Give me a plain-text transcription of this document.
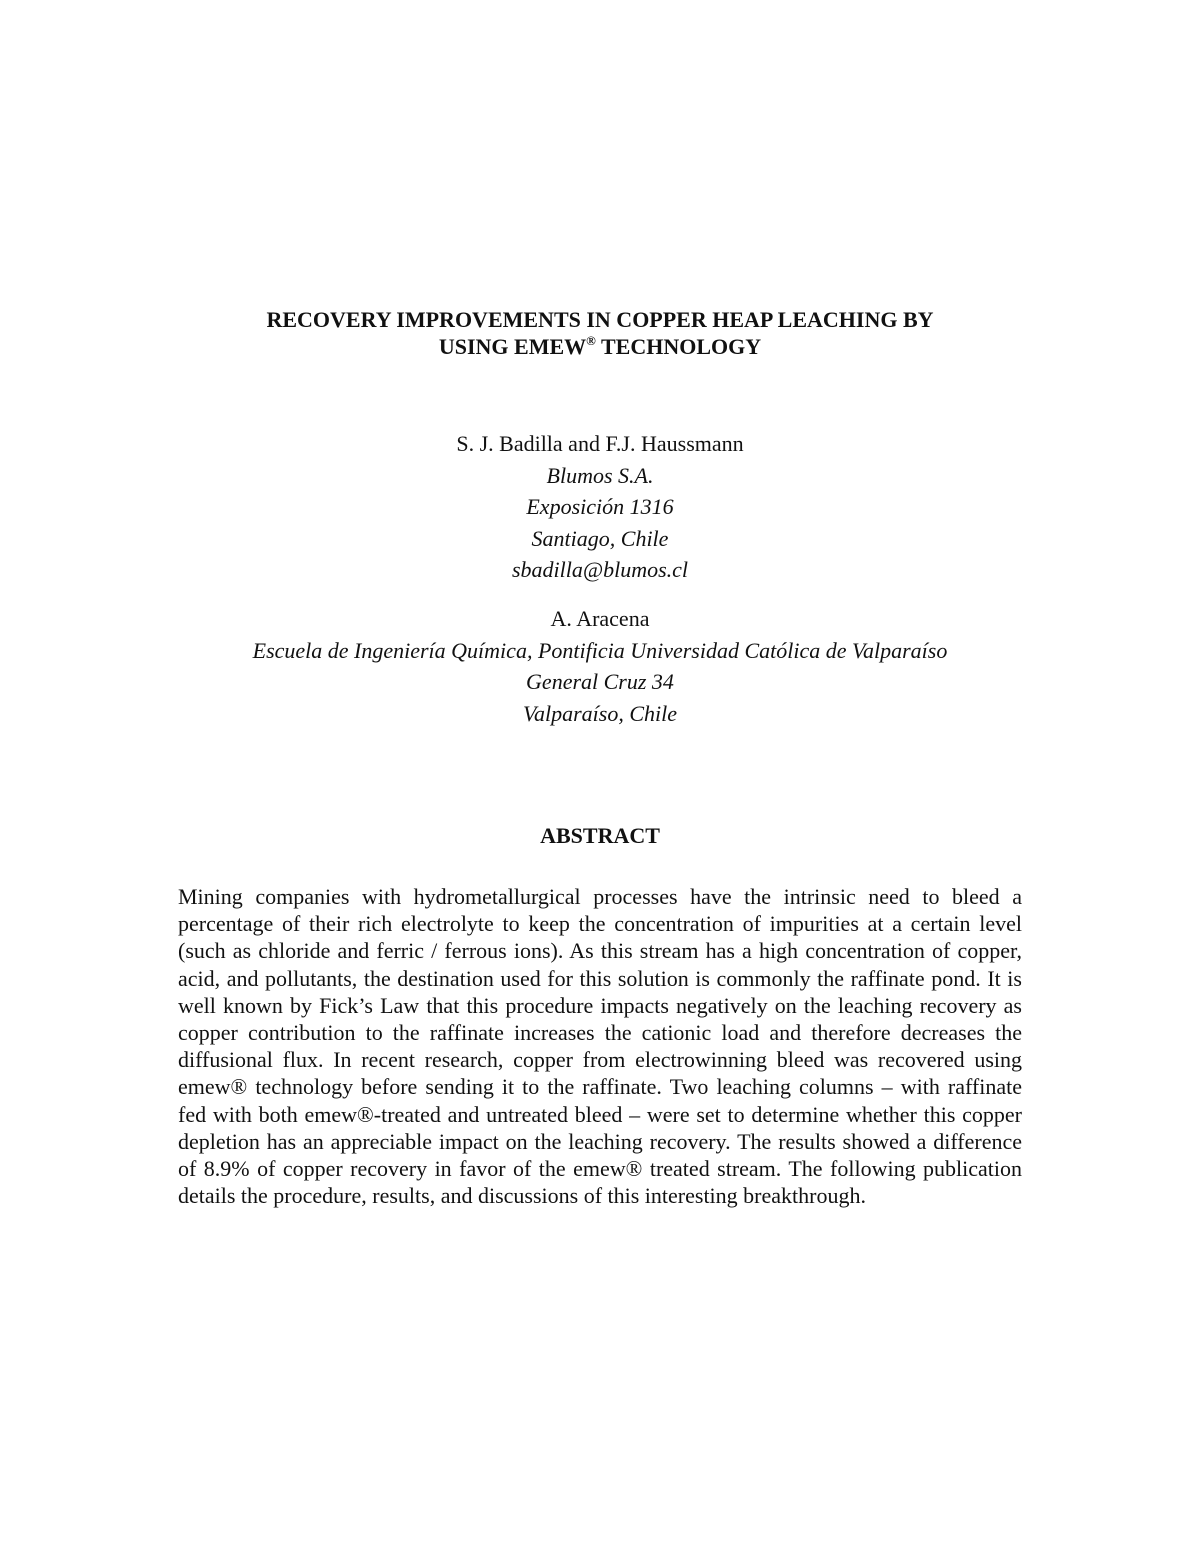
RECOVERY IMPROVEMENTS IN COPPER HEAP LEACHING BY
USING EMEW® TECHNOLOGY
S. J. Badilla and F.J. Haussmann
Blumos S.A.
Exposición 1316
Santiago, Chile
sbadilla@blumos.cl
A. Aracena
Escuela de Ingeniería Química, Pontificia Universidad Católica de Valparaíso
General Cruz 34
Valparaíso, Chile
ABSTRACT
Mining companies with hydrometallurgical processes have the intrinsic need to bleed a percentage of their rich electrolyte to keep the concentration of impurities at a certain level (such as chloride and ferric / ferrous ions). As this stream has a high concentration of copper, acid, and pollutants, the destination used for this solution is commonly the raffinate pond. It is well known by Fick’s Law that this procedure impacts negatively on the leaching recovery as copper contribution to the raffinate increases the cationic load and therefore decreases the diffusional flux. In recent research, copper from electrowinning bleed was recovered using emew® technology before sending it to the raffinate. Two leaching columns – with raffinate fed with both emew®-treated and untreated bleed – were set to determine whether this copper depletion has an appreciable impact on the leaching recovery. The results showed a difference of 8.9% of copper recovery in favor of the emew® treated stream. The following publication details the procedure, results, and discussions of this interesting breakthrough.
